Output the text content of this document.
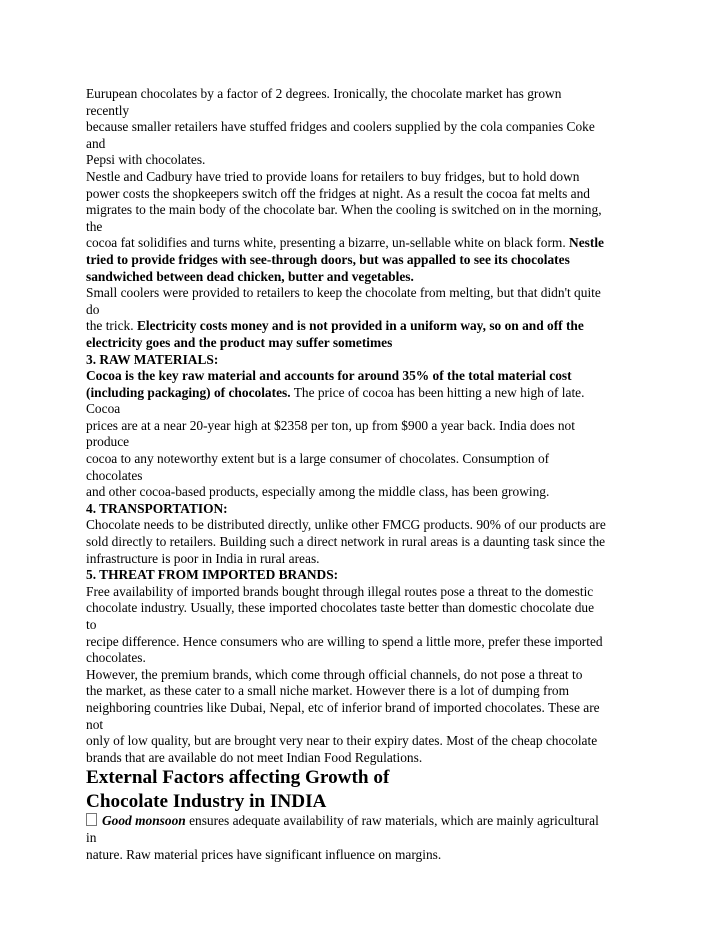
Eurupean chocolates by a factor of 2 degrees. Ironically, the chocolate market has grown
recently
because smaller retailers have stuffed fridges and coolers supplied by the cola companies Coke
and
Pepsi with chocolates.
Nestle and Cadbury have tried to provide loans for retailers to buy fridges, but to hold down
power costs the shopkeepers switch off the fridges at night. As a result the cocoa fat melts and
migrates to the main body of the chocolate bar. When the cooling is switched on in the morning,
the
cocoa fat solidifies and turns white, presenting a bizarre, un-sellable white on black form. Nestle
tried to provide fridges with see-through doors, but was appalled to see its chocolates
sandwiched between dead chicken, butter and vegetables.
Small coolers were provided to retailers to keep the chocolate from melting, but that didn't quite
do
the trick. Electricity costs money and is not provided in a uniform way, so on and off the
electricity goes and the product may suffer sometimes
3. RAW MATERIALS:
Cocoa is the key raw material and accounts for around 35% of the total material cost
(including packaging) of chocolates. The price of cocoa has been hitting a new high of late.
Cocoa
prices are at a near 20-year high at $2358 per ton, up from $900 a year back. India does not
produce
cocoa to any noteworthy extent but is a large consumer of chocolates. Consumption of
chocolates
and other cocoa-based products, especially among the middle class, has been growing.
4. TRANSPORTATION:
Chocolate needs to be distributed directly, unlike other FMCG products. 90% of our products are
sold directly to retailers. Building such a direct network in rural areas is a daunting task since the
infrastructure is poor in India in rural areas.
5. THREAT FROM IMPORTED BRANDS:
Free availability of imported brands bought through illegal routes pose a threat to the domestic
chocolate industry. Usually, these imported chocolates taste better than domestic chocolate due
to
recipe difference. Hence consumers who are willing to spend a little more, prefer these imported
chocolates.
However, the premium brands, which come through official channels, do not pose a threat to
the market, as these cater to a small niche market. However there is a lot of dumping from
neighboring countries like Dubai, Nepal, etc of inferior brand of imported chocolates. These are
not
only of low quality, but are brought very near to their expiry dates. Most of the cheap chocolate
brands that are available do not meet Indian Food Regulations.
External Factors affecting Growth of
Chocolate Industry in INDIA
Good monsoon ensures adequate availability of raw materials, which are mainly agricultural
in
nature. Raw material prices have significant influence on margins.
